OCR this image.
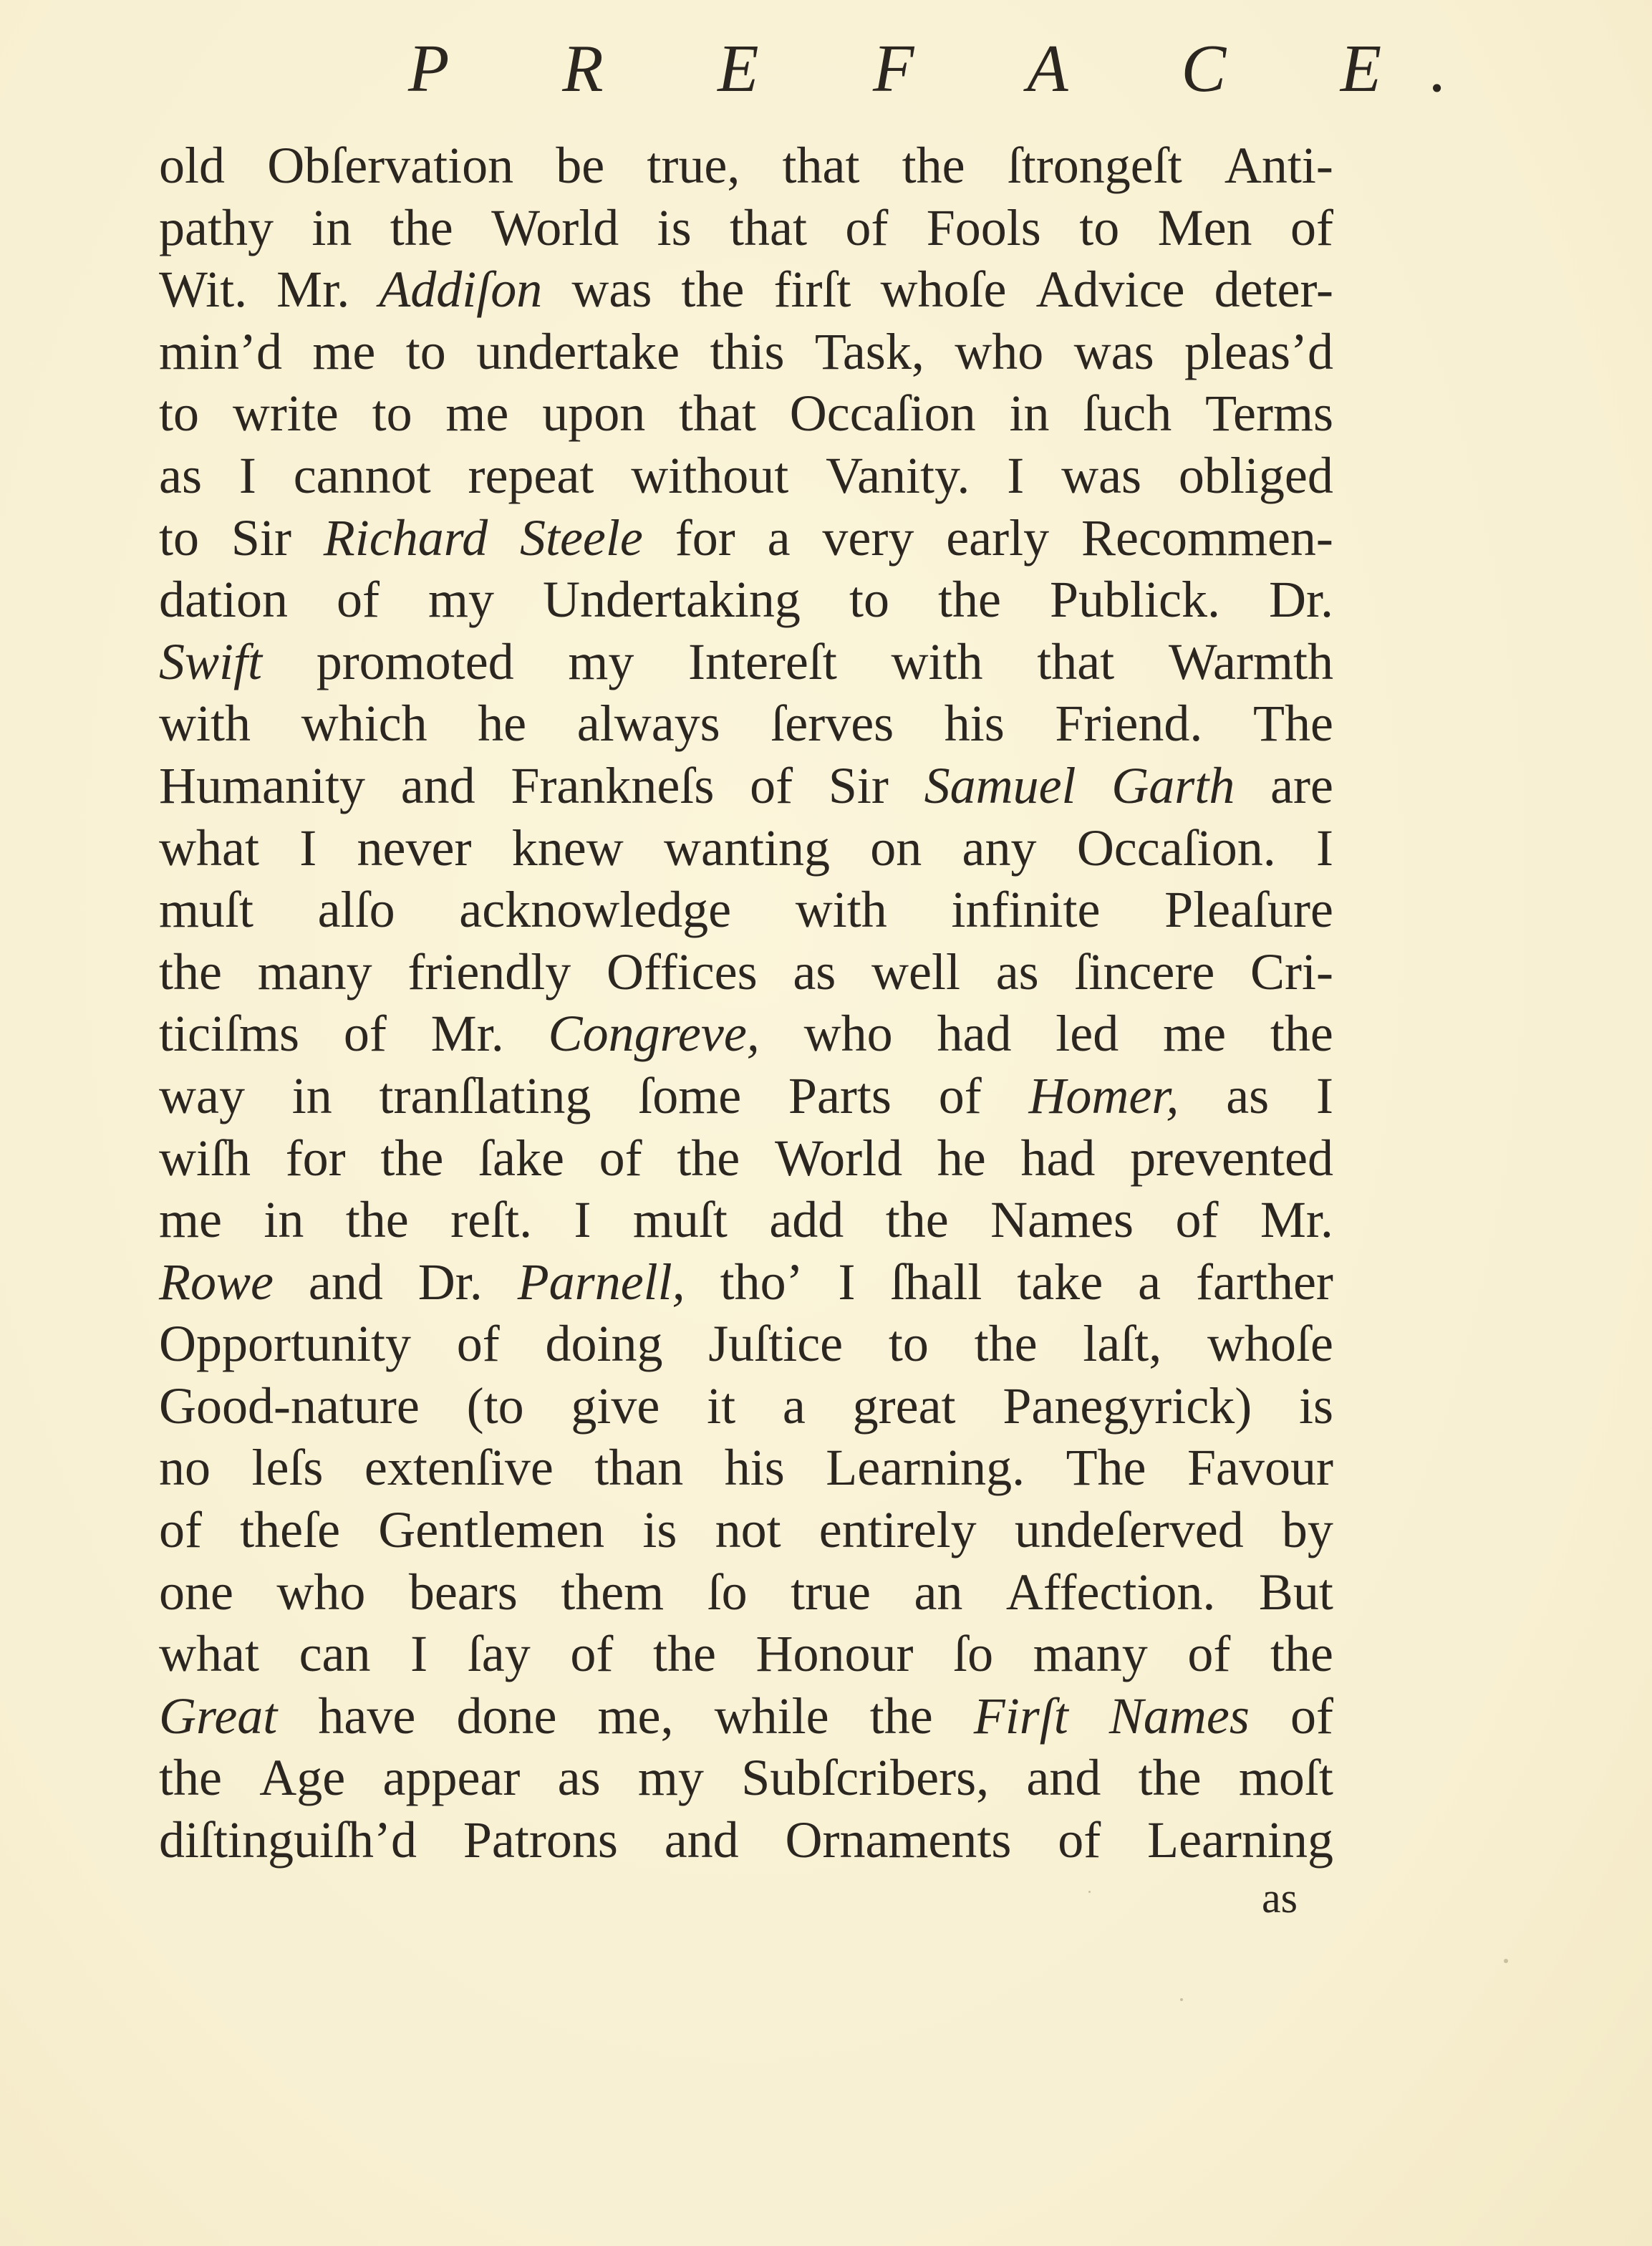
P R E F A C E.
old Obſervation be true, that the ſtrongeſt Anti-
pathy in the World is that of Fools to Men of
Wit. Mr. Addiſon was the firſt whoſe Advice deter-
min’d me to undertake this Task, who was pleas’d
to write to me upon that Occaſion in ſuch Terms
as I cannot repeat without Vanity. I was obliged
to Sir Richard Steele for a very early Recommen-
dation of my Undertaking to the Publick. Dr.
Swift promoted my Intereſt with that Warmth
with which he always ſerves his Friend. The
Humanity and Frankneſs of Sir Samuel Garth are
what I never knew wanting on any Occaſion. I
muſt alſo acknowledge with infinite Pleaſure
the many friendly Offices as well as ſincere Cri-
ticiſms of Mr. Congreve, who had led me the
way in tranſlating ſome Parts of Homer, as I
wiſh for the ſake of the World he had prevented
me in the reſt. I muſt add the Names of Mr.
Rowe and Dr. Parnell, tho’ I ſhall take a farther
Opportunity of doing Juſtice to the laſt, whoſe
Good-nature (to give it a great Panegyrick) is
no leſs extenſive than his Learning. The Favour
of theſe Gentlemen is not entirely undeſerved by
one who bears them ſo true an Affection. But
what can I ſay of the Honour ſo many of the
Great have done me, while the Firſt Names of
the Age appear as my Subſcribers, and the moſt
diſtinguiſh’d Patrons and Ornaments of Learning
as
